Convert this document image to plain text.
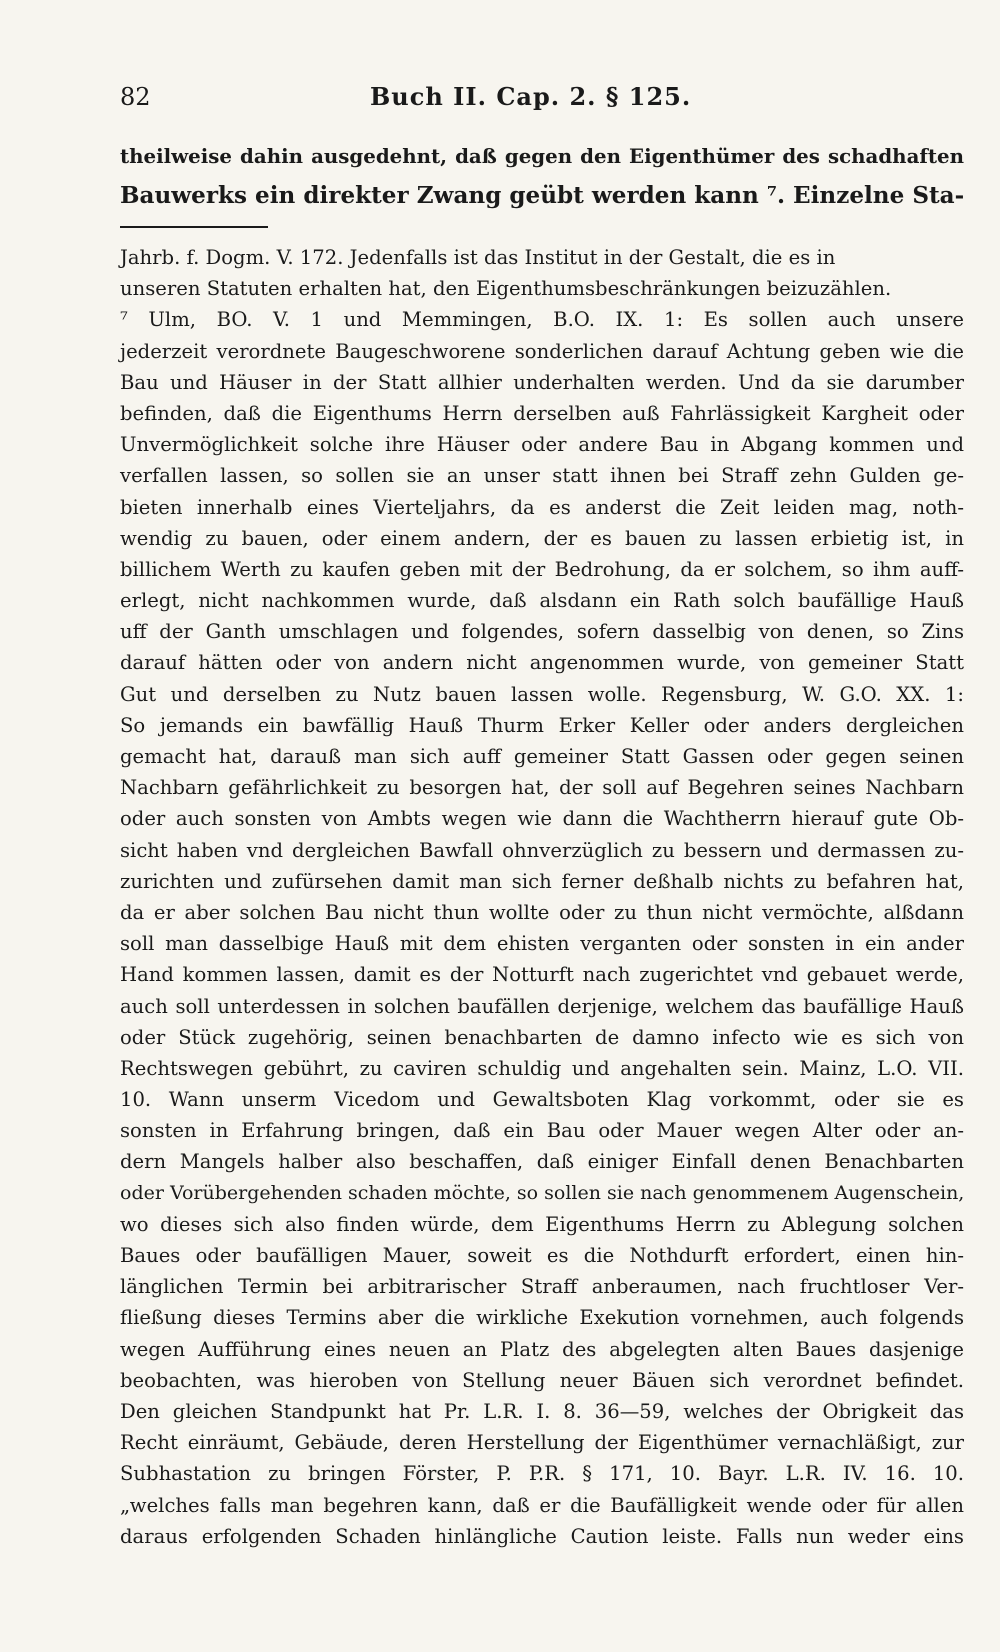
82	Buch II. Cap. 2. § 125.
theilweise dahin ausgedehnt, daß gegen den Eigenthümer des schadhaften
Bauwerks ein direkter Zwang geübt werden kann ⁷. Einzelne Sta-
Jahrb. f. Dogm. V. 172. Jedenfalls ist das Institut in der Gestalt, die es in
unseren Statuten erhalten hat, den Eigenthumsbeschränkungen beizuzählen.
⁷ Ulm, BO. V. 1 und Memmingen, B.O. IX. 1: Es sollen auch unsere
jederzeit verordnete Baugeschworene sonderlichen darauf Achtung geben wie die
Bau und Häuser in der Statt allhier underhalten werden. Und da sie darumber
befinden, daß die Eigenthums Herrn derselben auß Fahrlässigkeit Kargheit oder
Unvermöglichkeit solche ihre Häuser oder andere Bau in Abgang kommen und
verfallen lassen, so sollen sie an unser statt ihnen bei Straff zehn Gulden ge-
bieten innerhalb eines Vierteljahrs, da es anderst die Zeit leiden mag, noth-
wendig zu bauen, oder einem andern, der es bauen zu lassen erbietig ist, in
billichem Werth zu kaufen geben mit der Bedrohung, da er solchem, so ihm auff-
erlegt, nicht nachkommen wurde, daß alsdann ein Rath solch baufällige Hauß
uff der Ganth umschlagen und folgendes, sofern dasselbig von denen, so Zins
darauf hätten oder von andern nicht angenommen wurde, von gemeiner Statt
Gut und derselben zu Nutz bauen lassen wolle. Regensburg, W. G.O. XX. 1:
So jemands ein bawfällig Hauß Thurm Erker Keller oder anders dergleichen
gemacht hat, darauß man sich auff gemeiner Statt Gassen oder gegen seinen
Nachbarn gefährlichkeit zu besorgen hat, der soll auf Begehren seines Nachbarn
oder auch sonsten von Ambts wegen wie dann die Wachtherrn hierauf gute Ob-
sicht haben vnd dergleichen Bawfall ohnverzüglich zu bessern und dermassen zu-
zurichten und zufürsehen damit man sich ferner deßhalb nichts zu befahren hat,
da er aber solchen Bau nicht thun wollte oder zu thun nicht vermöchte, alßdann
soll man dasselbige Hauß mit dem ehisten verganten oder sonsten in ein ander
Hand kommen lassen, damit es der Notturft nach zugerichtet vnd gebauet werde,
auch soll unterdessen in solchen baufällen derjenige, welchem das baufällige Hauß
oder Stück zugehörig, seinen benachbarten de damno infecto wie es sich von
Rechtswegen gebührt, zu caviren schuldig und angehalten sein. Mainz, L.O. VII.
10. Wann unserm Vicedom und Gewaltsboten Klag vorkommt, oder sie es
sonsten in Erfahrung bringen, daß ein Bau oder Mauer wegen Alter oder an-
dern Mangels halber also beschaffen, daß einiger Einfall denen Benachbarten
oder Vorübergehenden schaden möchte, so sollen sie nach genommenem Augenschein,
wo dieses sich also finden würde, dem Eigenthums Herrn zu Ablegung solchen
Baues oder baufälligen Mauer, soweit es die Nothdurft erfordert, einen hin-
länglichen Termin bei arbitrarischer Straff anberaumen, nach fruchtloser Ver-
fließung dieses Termins aber die wirkliche Exekution vornehmen, auch folgends
wegen Aufführung eines neuen an Platz des abgelegten alten Baues dasjenige
beobachten, was hieroben von Stellung neuer Bäuen sich verordnet befindet.
Den gleichen Standpunkt hat Pr. L.R. I. 8. 36—59, welches der Obrigkeit das
Recht einräumt, Gebäude, deren Herstellung der Eigenthümer vernachläßigt, zur
Subhastation zu bringen Förster, P. P.R. § 171, 10. Bayr. L.R. IV. 16. 10.
„welches falls man begehren kann, daß er die Baufälligkeit wende oder für allen
daraus erfolgenden Schaden hinlängliche Caution leiste. Falls nun weder eins
